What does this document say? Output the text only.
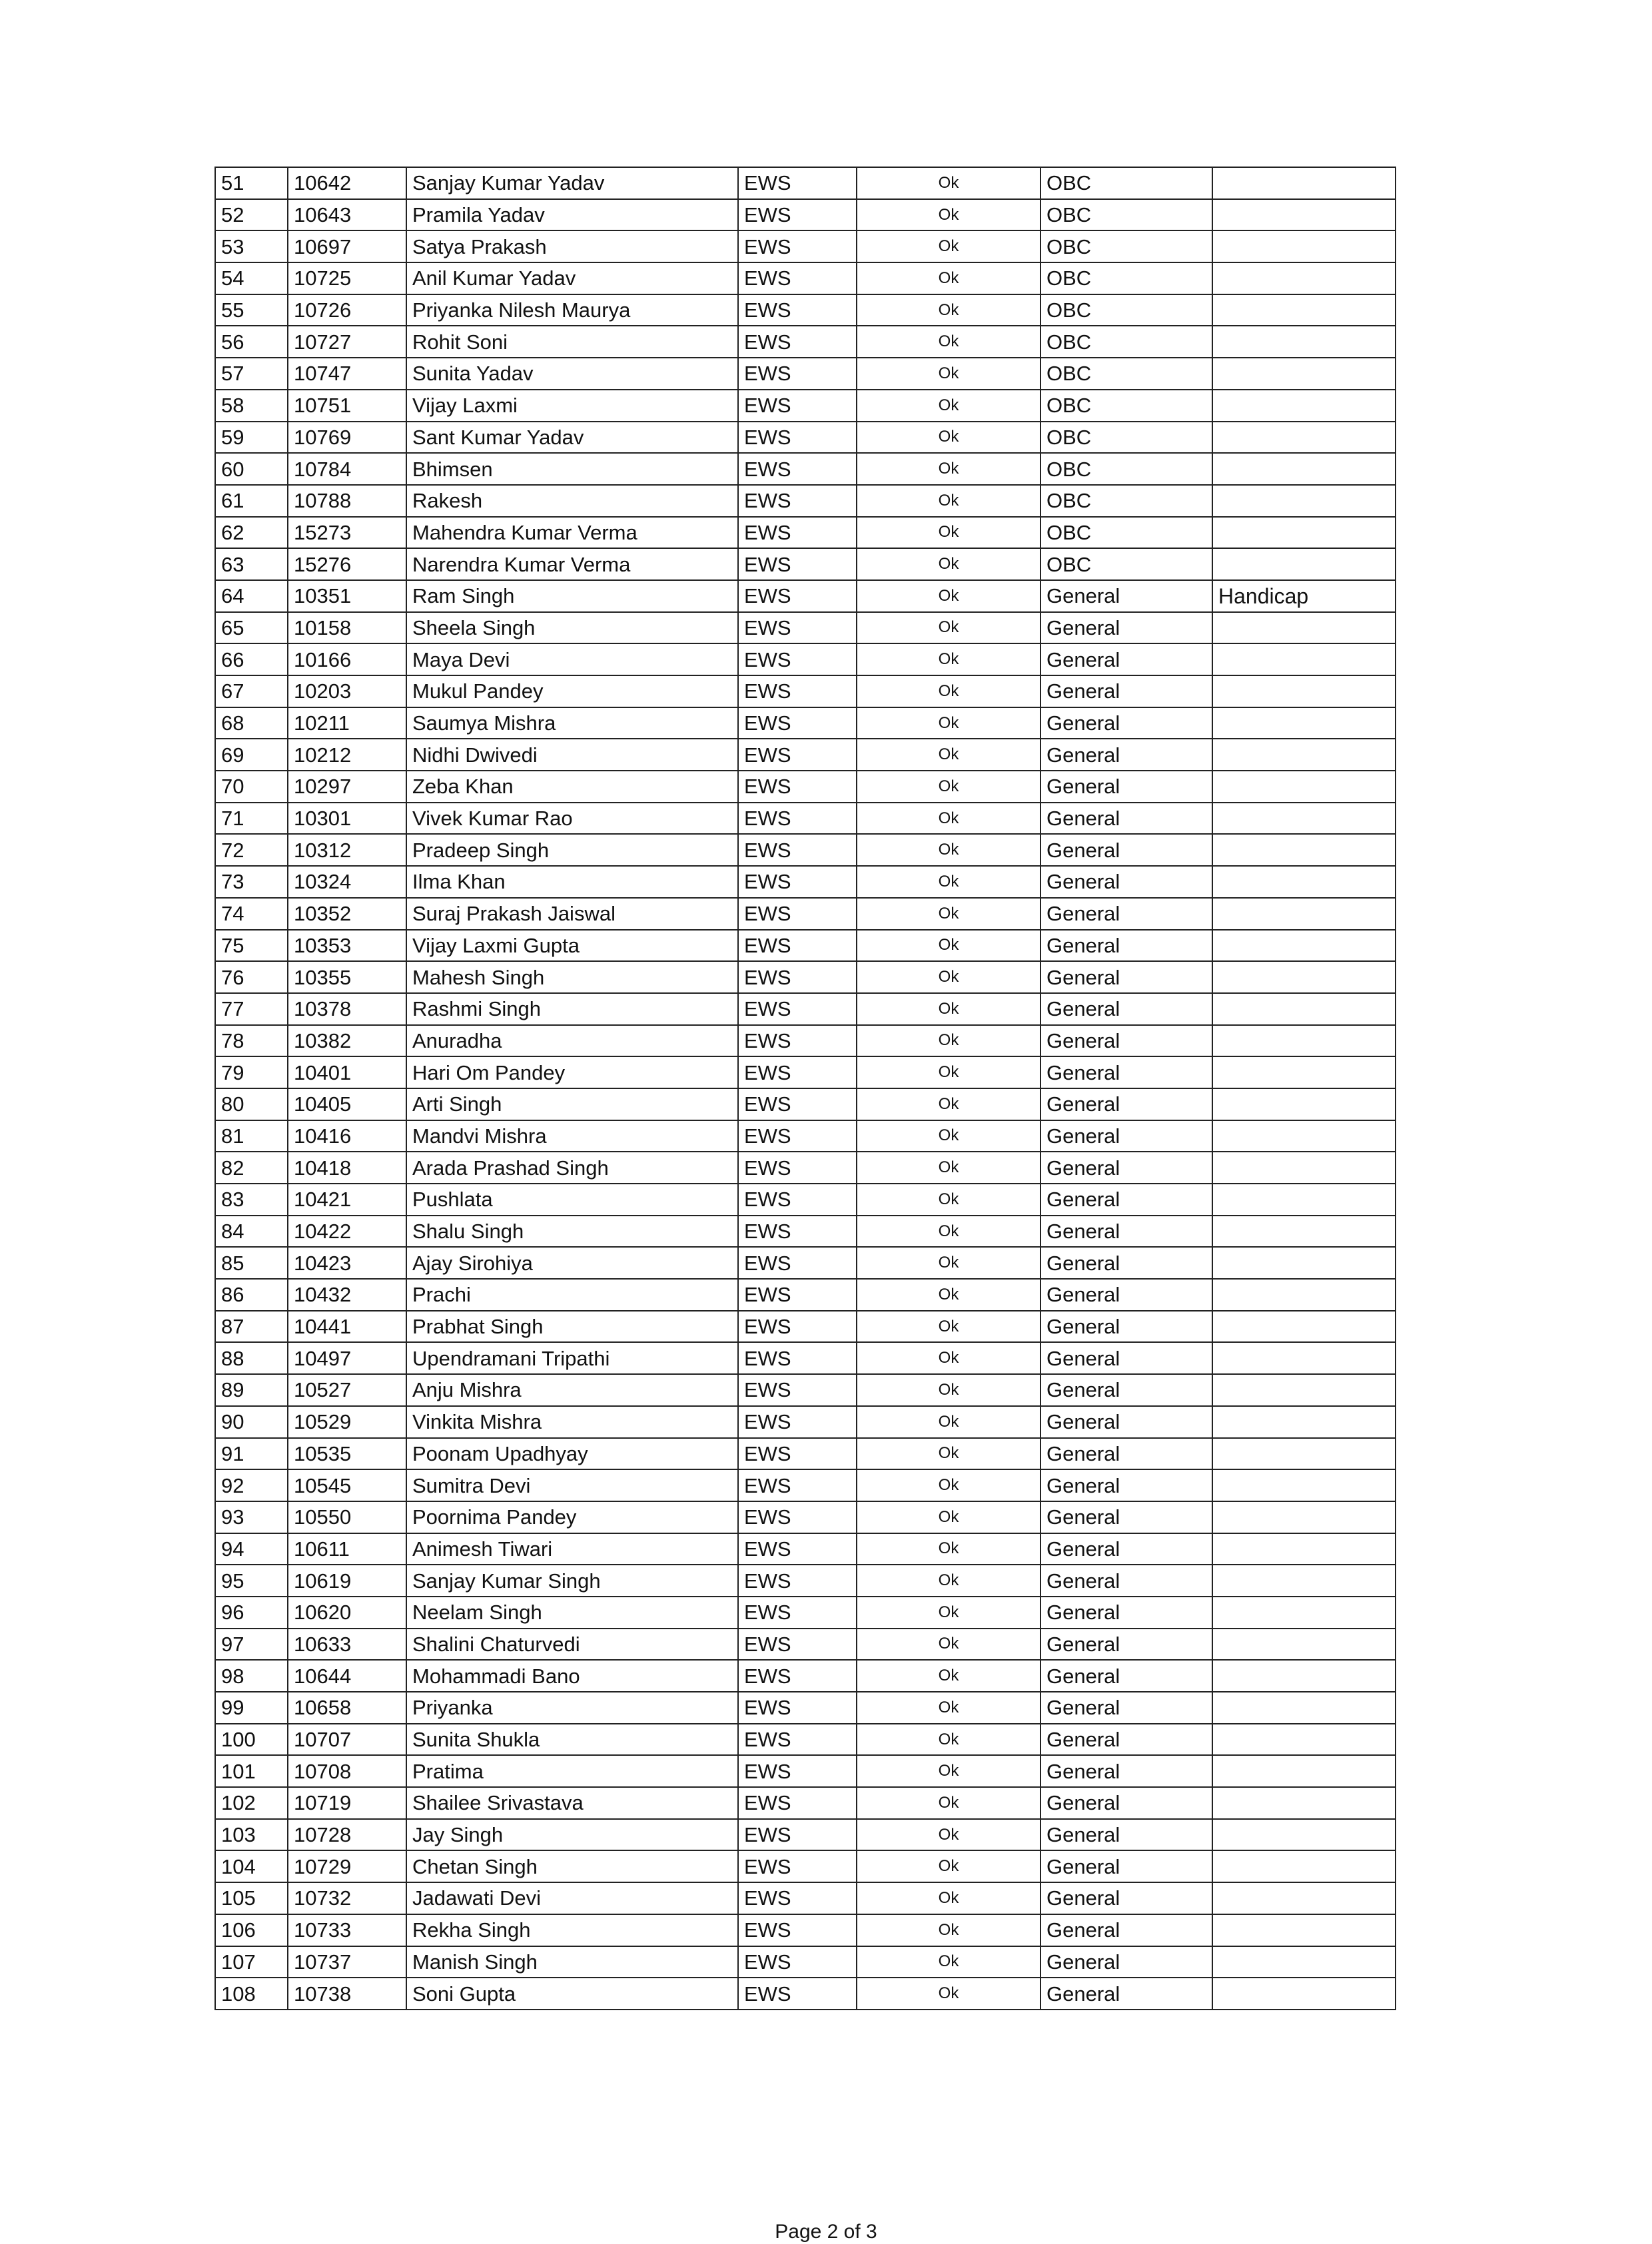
51	10642	Sanjay Kumar Yadav	EWS	Ok	OBC	
52	10643	Pramila Yadav	EWS	Ok	OBC	
53	10697	Satya Prakash	EWS	Ok	OBC	
54	10725	Anil Kumar Yadav	EWS	Ok	OBC	
55	10726	Priyanka Nilesh Maurya	EWS	Ok	OBC	
56	10727	Rohit Soni	EWS	Ok	OBC	
57	10747	Sunita Yadav	EWS	Ok	OBC	
58	10751	Vijay Laxmi	EWS	Ok	OBC	
59	10769	Sant Kumar Yadav	EWS	Ok	OBC	
60	10784	Bhimsen	EWS	Ok	OBC	
61	10788	Rakesh	EWS	Ok	OBC	
62	15273	Mahendra Kumar Verma	EWS	Ok	OBC	
63	15276	Narendra Kumar Verma	EWS	Ok	OBC	
64	10351	Ram Singh	EWS	Ok	General	Handicap
65	10158	Sheela Singh	EWS	Ok	General	
66	10166	Maya Devi	EWS	Ok	General	
67	10203	Mukul Pandey	EWS	Ok	General	
68	10211	Saumya Mishra	EWS	Ok	General	
69	10212	Nidhi Dwivedi	EWS	Ok	General	
70	10297	Zeba Khan	EWS	Ok	General	
71	10301	Vivek Kumar Rao	EWS	Ok	General	
72	10312	Pradeep Singh	EWS	Ok	General	
73	10324	Ilma Khan	EWS	Ok	General	
74	10352	Suraj Prakash Jaiswal	EWS	Ok	General	
75	10353	Vijay Laxmi Gupta	EWS	Ok	General	
76	10355	Mahesh Singh	EWS	Ok	General	
77	10378	Rashmi Singh	EWS	Ok	General	
78	10382	Anuradha	EWS	Ok	General	
79	10401	Hari Om Pandey	EWS	Ok	General	
80	10405	Arti Singh	EWS	Ok	General	
81	10416	Mandvi Mishra	EWS	Ok	General	
82	10418	Arada Prashad Singh	EWS	Ok	General	
83	10421	Pushlata	EWS	Ok	General	
84	10422	Shalu Singh	EWS	Ok	General	
85	10423	Ajay Sirohiya	EWS	Ok	General	
86	10432	Prachi	EWS	Ok	General	
87	10441	Prabhat Singh	EWS	Ok	General	
88	10497	Upendramani Tripathi	EWS	Ok	General	
89	10527	Anju Mishra	EWS	Ok	General	
90	10529	Vinkita Mishra	EWS	Ok	General	
91	10535	Poonam Upadhyay	EWS	Ok	General	
92	10545	Sumitra Devi	EWS	Ok	General	
93	10550	Poornima Pandey	EWS	Ok	General	
94	10611	Animesh Tiwari	EWS	Ok	General	
95	10619	Sanjay Kumar Singh	EWS	Ok	General	
96	10620	Neelam Singh	EWS	Ok	General	
97	10633	Shalini Chaturvedi	EWS	Ok	General	
98	10644	Mohammadi Bano	EWS	Ok	General	
99	10658	Priyanka	EWS	Ok	General	
100	10707	Sunita Shukla	EWS	Ok	General	
101	10708	Pratima	EWS	Ok	General	
102	10719	Shailee Srivastava	EWS	Ok	General	
103	10728	Jay Singh	EWS	Ok	General	
104	10729	Chetan Singh	EWS	Ok	General	
105	10732	Jadawati Devi	EWS	Ok	General	
106	10733	Rekha Singh	EWS	Ok	General	
107	10737	Manish Singh	EWS	Ok	General	
108	10738	Soni Gupta	EWS	Ok	General	
Page 2 of 3
